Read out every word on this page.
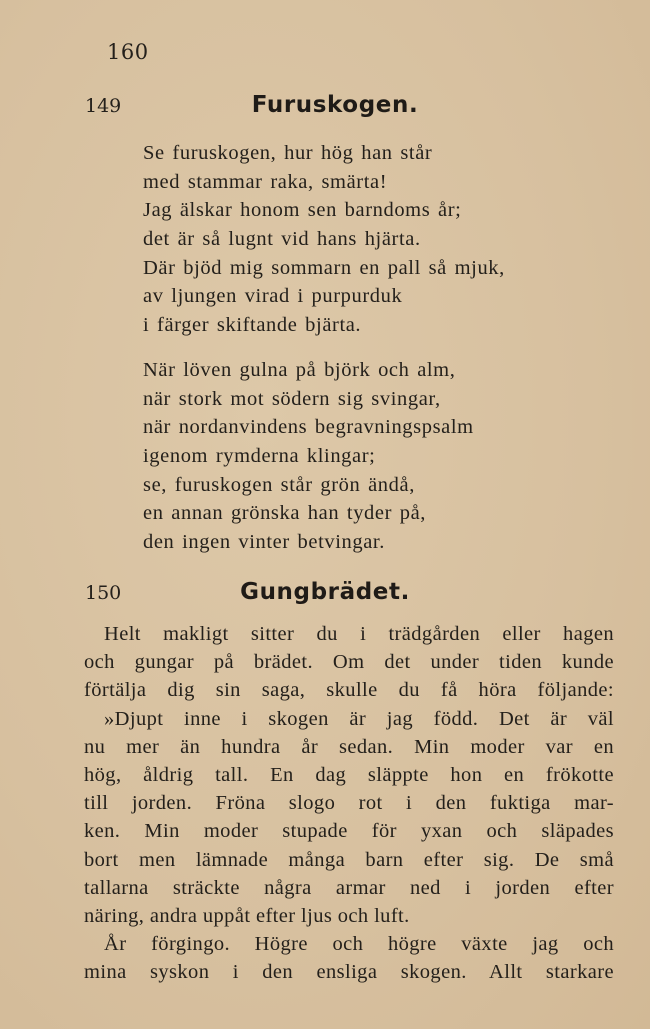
160
149	Furuskogen.
Se furuskogen, hur hög han står
med stammar raka, smärta!
Jag älskar honom sen barndoms år;
det är så lugnt vid hans hjärta.
Där bjöd mig sommarn en pall så mjuk,
av ljungen virad i purpurduk
i färger skiftande bjärta.
När löven gulna på björk och alm,
när stork mot södern sig svingar,
när nordanvindens begravningspsalm
igenom rymderna klingar;
se, furuskogen står grön ändå,
en annan grönska han tyder på,
den ingen vinter betvingar.
150	Gungbrädet.
Helt makligt sitter du i trädgården eller hagen
och gungar på brädet. Om det under tiden kunde
förtälja dig sin saga, skulle du få höra följande:
»Djupt inne i skogen är jag född. Det är väl
nu mer än hundra år sedan. Min moder var en
hög, åldrig tall. En dag släppte hon en frökotte
till jorden. Fröna slogo rot i den fuktiga mar-
ken. Min moder stupade för yxan och släpades
bort men lämnade många barn efter sig. De små
tallarna sträckte några armar ned i jorden efter
näring, andra uppåt efter ljus och luft.
År förgingo. Högre och högre växte jag och
mina syskon i den ensliga skogen. Allt starkare
